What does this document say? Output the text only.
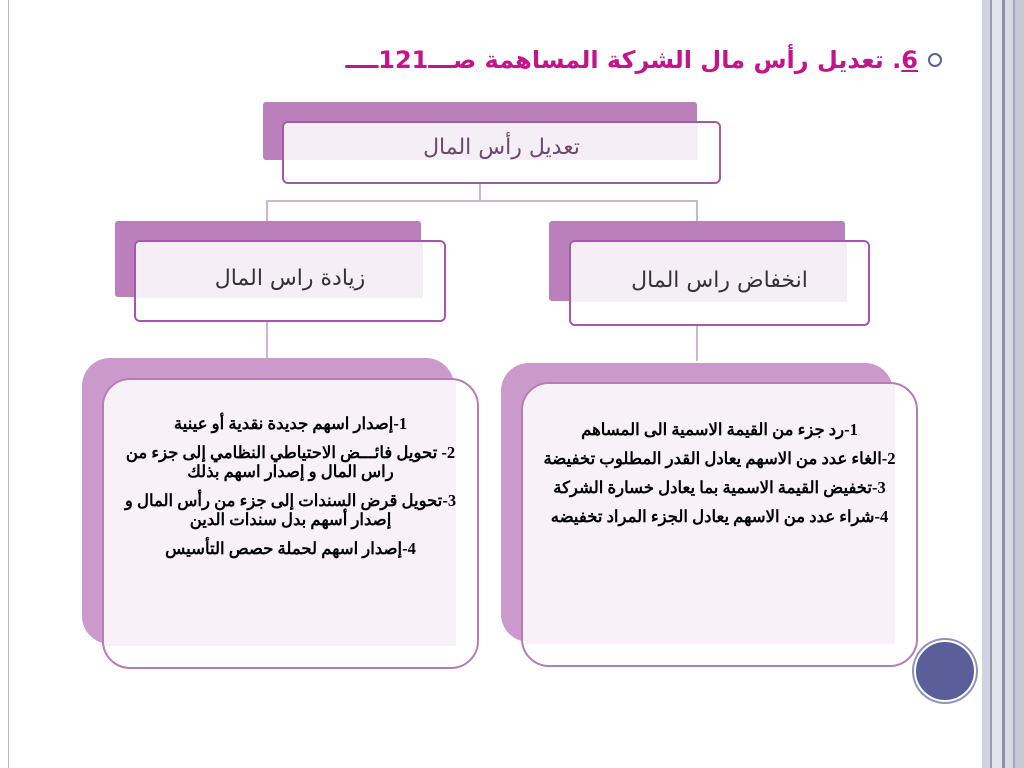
6. تعديل رأس مال الشركة المساهمة صـــ121ــــ
تعديل رأس المال
زيادة راس المال	انخفاض راس المال
1-إصدار اسهم جديدة نقدية أو عينية
2- تحويل فائـــض الاحتياطي النظامي إلى جزء من راس المال و إصدار اسهم بذلك
3-تحويل قرض السندات إلى جزء من رأس المال و إصدار أسهم بدل سندات الدين
4-إصدار اسهم لحملة حصص التأسيس
1-رد جزء من القيمة الاسمية الى المساهم
2-الغاء عدد من الاسهم يعادل القدر المطلوب تخفيضة
3-تخفيض القيمة الاسمية بما يعادل خسارة الشركة
4-شراء عدد من الاسهم يعادل الجزء المراد تخفيضه
